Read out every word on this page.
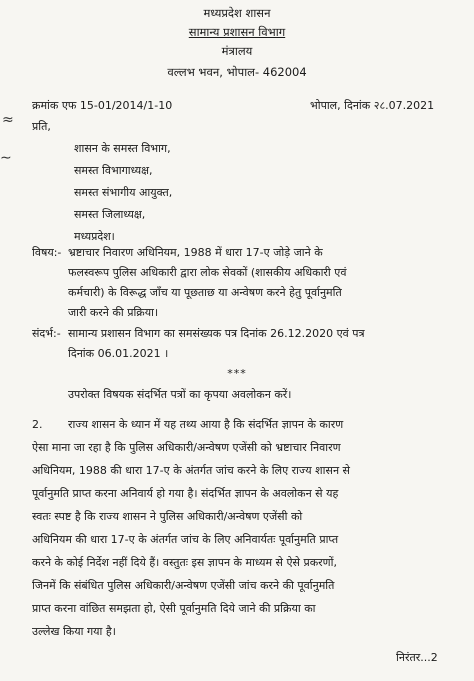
मध्यप्रदेश शासन
सामान्य प्रशासन विभाग
मंत्रालय
वल्लभ भवन, भोपाल- 462004
क्रमांक एफ 15-01/2014/1-10	भोपाल, दिनांक २८.07.2021
≈
∼
प्रति,
शासन के समस्त विभाग,
समस्त विभागाध्यक्ष,
समस्त संभागीय आयुक्त,
समस्त जिलाध्यक्ष,
मध्यप्रदेश।
विषय:- भ्रष्टाचार निवारण अधिनियम, 1988 में धारा 17-ए जोड़े जाने के
फलस्वरूप पुलिस अधिकारी द्वारा लोक सेवकों (शासकीय अधिकारी एवं
कर्मचारी) के विरूद्ध जाँच या पूछताछ या अन्वेषण करने हेतु पूर्वानुमति
जारी करने की प्रक्रिया।
संदर्भ:- सामान्य प्रशासन विभाग का समसंख्यक पत्र दिनांक 26.12.2020 एवं पत्र
दिनांक 06.01.2021 ।
***
उपरोक्त विषयक संदर्भित पत्रों का कृपया अवलोकन करें।
2. राज्य शासन के ध्यान में यह तथ्य आया है कि संदर्भित ज्ञापन के कारण
ऐसा माना जा रहा है कि पुलिस अधिकारी/अन्वेषण एजेंसी को भ्रष्टाचार निवारण
अधिनियम, 1988 की धारा 17-ए के अंतर्गत जांच करने के लिए राज्य शासन से
पूर्वानुमति प्राप्त करना अनिवार्य हो गया है। संदर्भित ज्ञापन के अवलोकन से यह
स्वतः स्पष्ट है कि राज्य शासन ने पुलिस अधिकारी/अन्वेषण एजेंसी को
अधिनियम की धारा 17-ए के अंतर्गत जांच के लिए अनिवार्यतः पूर्वानुमति प्राप्त
करने के कोई निर्देश नहीं दिये हैं। वस्तुतः इस ज्ञापन के माध्यम से ऐसे प्रकरणों,
जिनमें कि संबंधित पुलिस अधिकारी/अन्वेषण एजेंसी जांच करने की पूर्वानुमति
प्राप्त करना वांछित समझता हो, ऐसी पूर्वानुमति दिये जाने की प्रक्रिया का
उल्लेख किया गया है।
निरंतर...2
